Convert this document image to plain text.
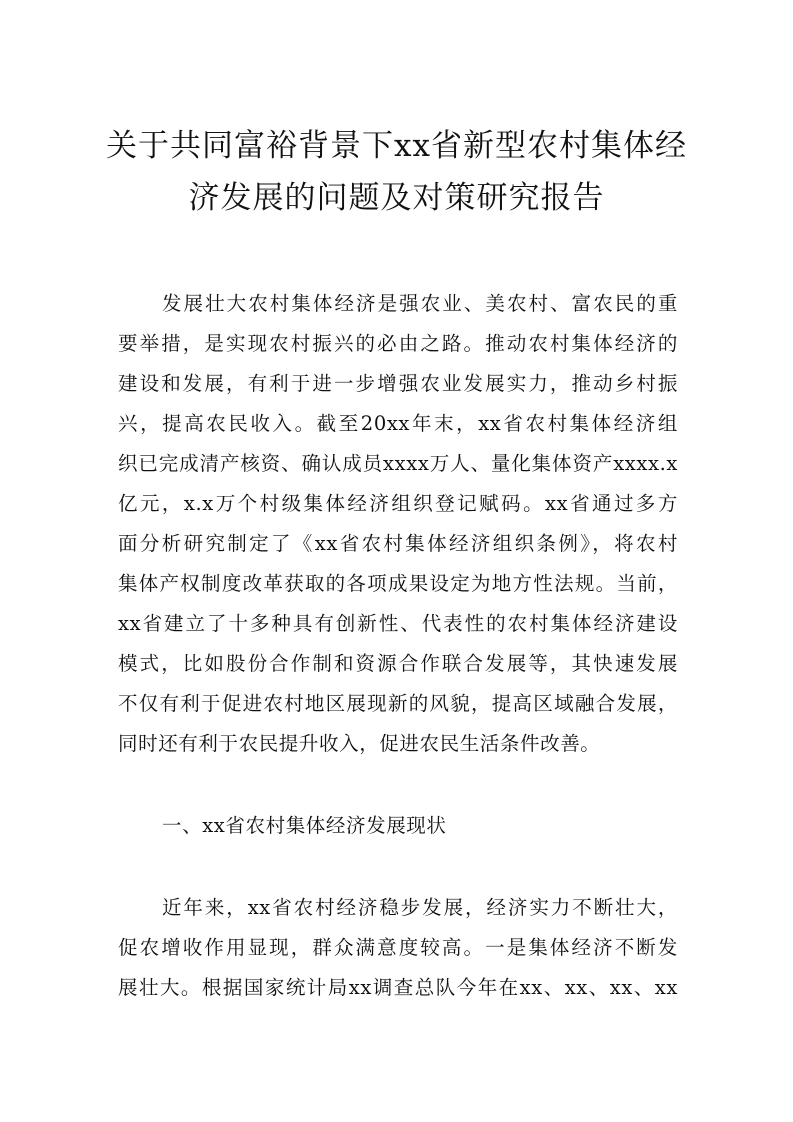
关于共同富裕背景下xx省新型农村集体经

济发展的问题及对策研究报告

发展壮大农村集体经济是强农业、美农村、富农民的重
要举措，是实现农村振兴的必由之路。推动农村集体经济的
建设和发展，有利于进一步增强农业发展实力，推动乡村振
兴，提高农民收入。截至20xx年末，xx省农村集体经济组
织已完成清产核资、确认成员xxxx万人、量化集体资产xxxx.x
亿元，x.x万个村级集体经济组织登记赋码。xx省通过多方
面分析研究制定了《xx省农村集体经济组织条例》，将农村
集体产权制度改革获取的各项成果设定为地方性法规。当前，
xx省建立了十多种具有创新性、代表性的农村集体经济建设
模式，比如股份合作制和资源合作联合发展等，其快速发展
不仅有利于促进农村地区展现新的风貌，提高区域融合发展，
同时还有利于农民提升收入，促进农民生活条件改善。

一、xx省农村集体经济发展现状

近年来，xx省农村经济稳步发展，经济实力不断壮大，
促农增收作用显现，群众满意度较高。一是集体经济不断发
展壮大。根据国家统计局xx调查总队今年在xx、xx、xx、xx
